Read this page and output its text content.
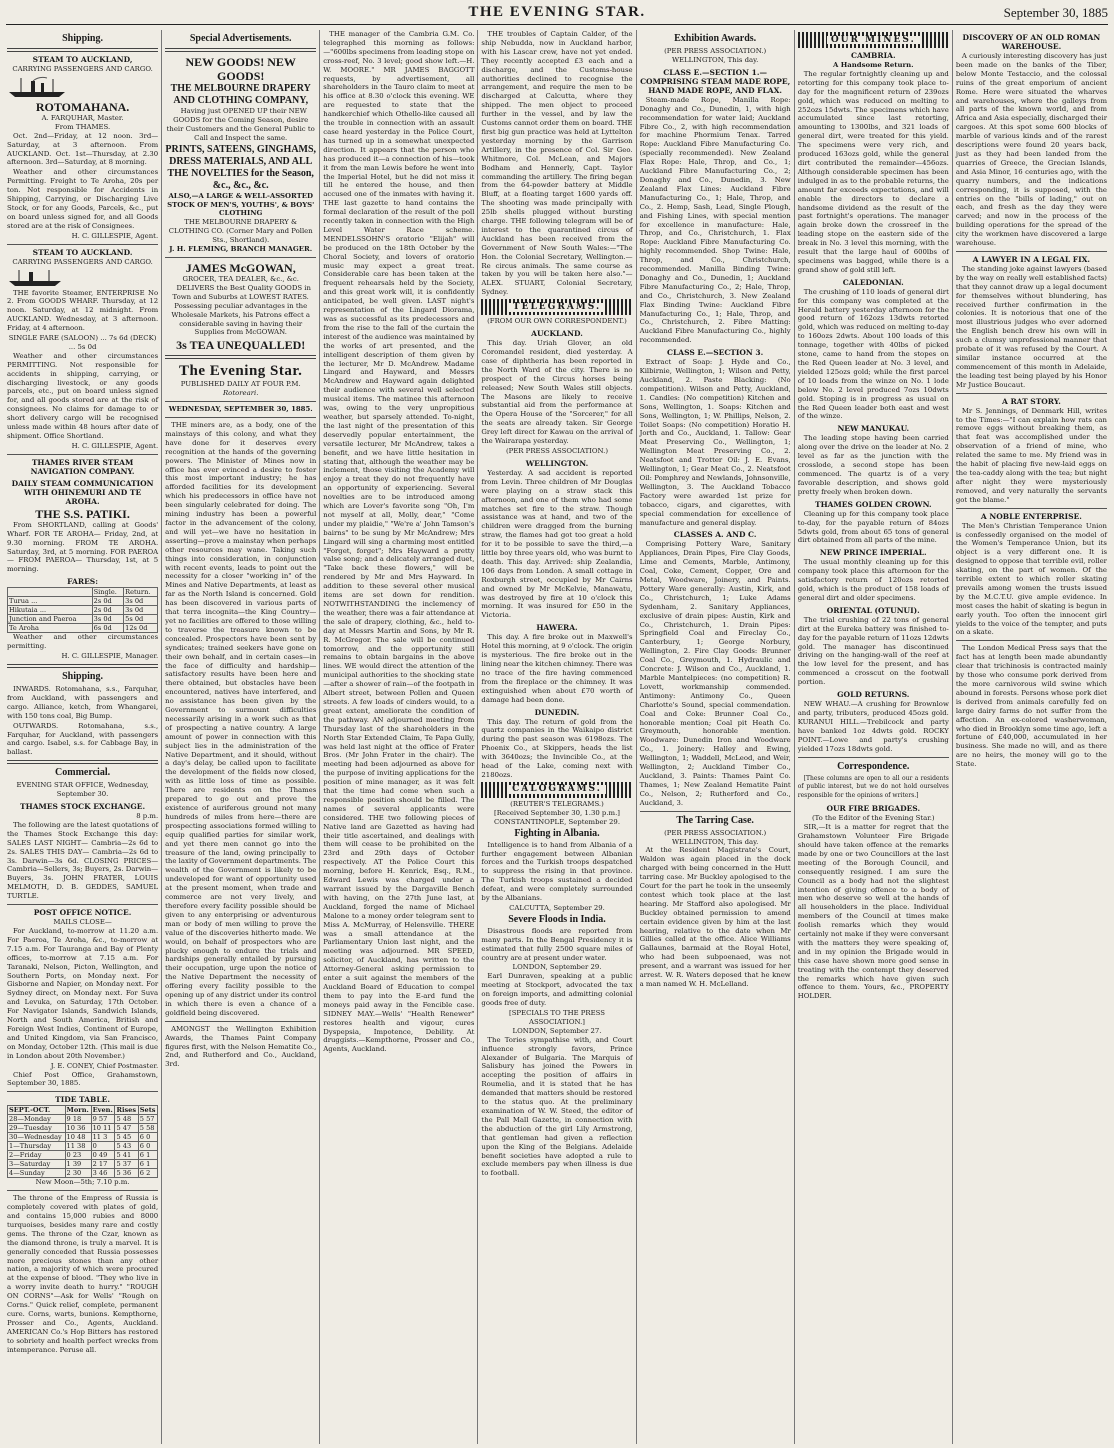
THE EVENING STAR.	September 30, 1885
Shipping.
STEAM TO AUCKLAND,
CARRYING PASSENGERS AND CARGO.
ROTOMAHANA.
A. FARQUHAR, Master.
From THAMES.

Oct. 2nd—Friday, at 12 noon. 3rd—Saturday, at 3 afternoon. From AUCKLAND. Oct. 1st—Thursday, at 2.30 afternoon. 3rd—Saturday, at 8 morning.

Weather and other circumstances Permitting. Freight to Te Aroha, 20s per ton. Not responsible for Accidents in Shipping, Carrying, or Discharging Live Stock, or for any Goods, Parcels, &c., put on board unless signed for, and all Goods stored are at the risk of Consignees.

H. C. GILLESPIE, Agent.
STEAM TO AUCKLAND.
CARRYING PASSENGERS AND CARGO.

THE favorite Steamer, ENTERPRISE No 2. From GOODS WHARF. Thursday, at 12 noon. Saturday, at 12 midnight. From AUCKLAND. Wednesday, at 3 afternoon. Friday, at 4 afternoon.

SINGLE FARE (SALOON) ... 7s 6d (DECK) ... 5s 0d

Weather and other circumstances PERMITTING. Not responsible for accidents in shipping, carrying, or discharging livestock, or any goods parcels, etc., put on board unless signed for, and all goods stored are at the risk of consignees. No claims for damage to or short delivery cargo will be recognised unless made within 48 hours after date of shipment. Office Shortland.

H. C. GILLESPIE, Agent.
THAMES RIVER STEAM NAVIGATION COMPANY.
DAILY STEAM COMMUNICATION WITH OHINEMURI AND TE AROHA.
THE S.S. PATIKI.

From SHORTLAND, calling at Goods' Wharf. FOR TE AROHA— Friday, 2nd, at 9.30 morning. FROM TE AROHA. Saturday, 3rd, at 5 morning. FOR PAEROA— FROM PAEROA— Thursday, 1st, at 5 morning.

FARES:
	Single.	Return.
Turua ...	2s 0d	3s 0d
Hikutaia ...	2s 0d	3s 0d
Junction and Paeroa	3s 0d	5s 0d
Te Aroha	6s 0d	12s 0d

Weather and other circumstances permitting.

H. C. GILLESPIE, Manager.
Shipping.

INWARDS. Rotomahana, s.s., Farquhar, from Auckland, with passengers and cargo. Alliance, ketch, from Whangarei, with 150 tons coal, Big Bump.

OUTWARDS. Rotomahana, s.s., Farquhar, for Auckland, with passengers and cargo. Isabel, s.s. for Cabbage Bay, in ballast.

Commercial.
EVENING STAR OFFICE, Wednesday, September 30.
THAMES STOCK EXCHANGE.
8 p.m.

The following are the latest quotations of the Thames Stock Exchange this day: SALES LAST NIGHT— Cambria—2s 6d to 2s. SALES THIS DAY— Cambria—2s 6d to 3s. Darwin—3s 6d. CLOSING PRICES— Cambria—Sellers, 3s; Buyers, 2s. Darwin—Buyers, 3s. JOHN FRATER, LOUIS MELMOTH, D. B. GEDDES, SAMUEL TURTLE.

POST OFFICE NOTICE.
MAILS CLOSE—

For Auckland, to-morrow at 11.20 a.m. For Paeroa, Te Aroha, &c., to-morrow at 7.15 a.m. For Tauranga and Bay of Plenty offices, to-morrow at 7.15 a.m. For Taranaki, Nelson, Picton, Wellington, and Southern Ports, on Monday next. For Gisborne and Napier, on Monday next. For Sydney direct, on Monday next. For Suva and Levuka, on Saturday, 17th October. For Navigator Islands, Sandwich Islands, North and South America, British and Foreign West Indies, Continent of Europe, and United Kingdom, via San Francisco, on Monday, October 12th. (This mail is due in London about 20th November.)

J. E. CONEY, Chief Postmaster.

Chief Post Office, Grahamstown, September 30, 1885.

TIDE TABLE.
SEPT.-OCT.	Morn.	Even.	Rises	Sets
28—Monday	9 18	9 57	5 48	5 57
29—Tuesday	10 36	10 11	5 47	5 58
30—Wednesday	10 48	11 3	5 45	6 0
1—Thursday	11 38	0	5 43	6 0
2—Friday	0 23	0 49	5 41	6 1
3—Saturday	1 39	2 17	5 37	6 1
4—Sunday	2 30	3 46	5 36	6 2
New Moon—5th; 7.10 p.m.

The throne of the Empress of Russia is completely covered with plates of gold, and contains 15,000 rubies and 8000 turquoises, besides many rare and costly gems. The throne of the Czar, known as the diamond throne, is truly a marvel. It is generally conceded that Russia possesses more precious stones than any other nation, a majority of which were procured at the expense of blood. "They who live in a worry invite death to hurry." "ROUGH ON CORNS"—Ask for Wells' "Rough on Corns." Quick relief, complete, permanent cure. Corns, warts, bunions. Kempthorne, Prosser and Co., Agents, Auckland. AMERICAN Co.'s Hop Bitters has restored to sobriety and health perfect wrecks from intemperance. Peruse all.

Special Advertisements.
NEW GOODS! NEW GOODS!
THE MELBOURNE DRAPERY AND CLOTHING COMPANY,

Having just OPENED UP their NEW GOODS for the Coming Season, desire their Customers and the General Public to Call and Inspect the same.

PRINTS, SATEENS, GINGHAMS, DRESS MATERIALS, AND ALL THE NOVELTIES for the Season, &c., &c., &c.
ALSO,—A LARGE & WELL-ASSORTED STOCK OF MEN'S, YOUTHS', & BOYS' CLOTHING
THE MELBOURNE DRAPERY & CLOTHING CO. (Corner Mary and Pollen Sts., Shortland).
J. H. FLEMING, BRANCH MANAGER.
JAMES McGOWAN,
GROCER, TEA DEALER, &c., &c.

DELIVERS the Best Quality GOODS in Town and Suburbs at LOWEST RATES. Possessing peculiar advantages in the Wholesale Markets, his Patrons effect a considerable saving in having their Supplies from McGOWAN.

3s TEA UNEQUALLED!
The Evening Star.
PUBLISHED DAILY AT FOUR P.M.
Rotoreari.
WEDNESDAY, SEPTEMBER 30, 1885.

THE miners are, as a body, one of the mainstays of this colony, and what they have done for it deserves every recognition at the hands of the governing powers. The Minister of Mines now in office has ever evinced a desire to foster this most important industry; he has afforded facilities for its development which his predecessors in office have not been singularly celebrated for doing. The mining industry has been a powerful factor in the advancement of the colony, and will yet—we have no hesitation in asserting—prove a mainstay when perhaps other resources may wane. Taking such things into consideration, in conjunction with recent events, leads to point out the necessity for a closer "working in" of the Mines and Native Departments, at least as far as the North Island is concerned. Gold has been discovered in various parts of that terra incognita—the King Country—yet no facilities are offered to those willing to traverse the treasure known to be concealed. Prospectors have been sent by syndicates; trained seekers have gone on their own behalf, and in certain cases—in the face of difficulty and hardship—satisfactory results have been here and there obtained, but obstacles have been encountered, natives have interfered, and no assistance has been given by the Government to surmount difficulties necessarily arising in a work such as that of prospecting a native country. A large amount of power in connection with this subject lies in the administration of the Native Department, and it should, without a day's delay, be called upon to facilitate the development of the fields now closed, with as little loss of time as possible. There are residents on the Thames prepared to go out and prove the existence of auriferous ground not many hundreds of miles from here—there are prospecting associations formed willing to equip qualified parties for similar work, and yet there men cannot go into the treasure of the land, owing principally to the laxity of Government departments. The wealth of the Government is likely to be undeveloped for want of opportunity used at the present moment, when trade and commerce are not very lively, and therefore every facility possible should be given to any enterprising or adventurous man or body of men willing to prove the value of the discoveries hitherto made. We would, on behalf of prospectors who are plucky enough to endure the trials and hardships generally entailed by pursuing their occupation, urge upon the notice of the Native Department the necessity of offering every facility possible to the opening up of any district under its control in which there is even a chance of a goldfield being discovered.

AMONGST the Wellington Exhibition Awards, the Thames Paint Company figures first, with the Nelson Hematite Co., 2nd, and Rutherford and Co., Auckland, 3rd.

THE manager of the Cambria G.M. Co. telegraphed this morning as follows:—"600lbs specimens from leading stope on cross-reef, No. 3 level; good show left.—H. W. MOORE." MR JAMES BAGGOTT requests, by advertisement, all shareholders in the Tauro claim to meet at his office at 8.30 o'clock this evening. WE are requested to state that the handkerchief which Othello-like caused all the trouble in connection with an assault case heard yesterday in the Police Court, has turned up in a somewhat unexpected direction. It appears that the person who has produced it—a connection of his—took it from the man Lewis before he went into the Imperial Hotel, but he did not miss it till he entered the house, and then accused one of the inmates with having it. THE last gazette to hand contains the formal declaration of the result of the poll recently taken in connection with the High Level Water Race scheme. MENDELSSOHN'S oratorio "Elijah" will be produced on the 18th October by the Choral Society, and lovers of oratorio music may expect a great treat. Considerable care has been taken at the frequent rehearsals held by the Society, and this great work will, it is confidently anticipated, be well given. LAST night's representation of the Lingard Diorama, was as successful as its predecessors and from the rise to the fall of the curtain the interest of the audience was maintained by the works of art presented, and the intelligent description of them given by the lecturer, Mr D. McAndrew. Madame Lingard and Hayward, and Messrs McAndrew and Hayward again delighted their audience with several well selected musical items. The matinee this afternoon was, owing to the very unpropitious weather, but sparsely attended. To-night, the last night of the presentation of this deservedly popular entertainment, the versatile lecturer, Mr McAndrew, takes a benefit, and we have little hesitation in stating that, although the weather may be inclement, those visiting the Academy will enjoy a treat they do not frequently have an opportunity of experiencing. Several novelties are to be introduced among which are Lover's favorite song "Oh, I'm not myself at all, Molly, dear," "Come under my plaidie," "We're a' John Tamson's bairns" to be sung by Mr McAndrew; Mrs Lingard will sing a charming most entitled "Forget, forget"; Mrs Hayward a pretty valse song; and a delicately arranged duet, "Take back these flowers," will be rendered by Mr and Mrs Hayward. In addition to these several other musical items are set down for rendition. NOTWITHSTANDING the inclemency of the weather, there was a fair attendance at the sale of drapery, clothing, &c., held to-day at Messrs Martin and Sons, by Mr R. R. McGregor. The sale will be continued tomorrow, and the opportunity still remains to obtain bargains in the above lines. WE would direct the attention of the municipal authorities to the shocking state—after a shower of rain—of the footpath in Albert street, between Pollen and Queen streets. A few loads of cinders would, to a great extent, ameliorate the condition of the pathway. AN adjourned meeting from Thursday last of the shareholders in the North Star Extended Claim, Te Papa Gully, was held last night at the office of Frater Bros. (Mr John Frater in the chair). The meeting had been adjourned as above for the purpose of inviting applications for the position of mine manager, as it was felt that the time had come when such a responsible position should be filled. The names of several applicants were considered. THE two following pieces of Native land are Gazetted as having had their title ascertained, and dealings with them will cease to be prohibited on the 23rd and 29th days of October respectively. AT the Police Court this morning, before H. Kenrick, Esq., R.M., Edward Lewis was charged under a warrant issued by the Dargaville Bench with having, on the 27th June last, at Auckland, forged the name of Michael Malone to a money order telegram sent to Miss A. McMurray, of Helensville. THERE was a small attendance at the Parliamentary Union last night, and the meeting was adjourned. MR SPEED, solicitor, of Auckland, has written to the Attorney-General asking permission to enter a suit against the members of the Auckland Board of Education to compel them to pay into the E-ard fund the moneys paid away in the Fencible case. SIDNEY MAY.—Wells' "Health Renewer" restores health and vigour, cures Dyspepsia, Impotence, Debility. At druggists.—Kempthorne, Prosser and Co., Agents, Auckland.

THE troubles of Captain Calder, of the ship Nebudda, now in Auckland harbor, with his Lascar crew, have not yet ended. They recently accepted £3 each and a discharge, and the Customs-house authorities declined to recognise the arrangement, and require the men to be discharged at Calcutta, where they shipped. The men object to proceed further in the vessel, and by law the Customs cannot order them on board. THE first big gun practice was held at Lyttelton yesterday morning by the Garrison Artillery, in the presence of Col. Sir Geo. Whitmore, Col. McLean, and Majors Bodham and Hennerly, Capt. Taylor commanding the artillery. The firing began from the 64-powder battery at Middle Bluff, at a floating target 1600 yards off. The shooting was made principally with 25lb shells plugged without bursting charge. THE following telegram will be of interest to the quarantined circus of Auckland has been received from the Government of New South Wales:—"The Hon. the Colonial Secretary, Wellington.—Re circus animals. The same course as taken by you will be taken here also."—ALEX. STUART, Colonial Secretary, Sydney.

TELEGRAMS.
(FROM OUR OWN CORRESPONDENT.)
AUCKLAND.

This day. Uriah Glover, an old Coromandel resident, died yesterday. A case of diphtheria has been reported in the North Ward of the city. There is no prospect of the Circus horses being released; New South Wales still objects. The Masons are likely to receive substantial aid from the performance at the Opera House of the "Sorcerer," for all the seats are already taken. Sir George Grey left direct for Kawau on the arrival of the Wairarapa yesterday.

(PER PRESS ASSOCIATION.)
WELLINGTON.

Yesterday. A sad accident is reported from Levin. Three children of Mr Douglas were playing on a straw stack this afternoon, and one of them who had some matches set fire to the straw. Though assistance was at hand, and two of the children were dragged from the burning straw, the flames had got too great a hold for it to be possible to save the third,—a little boy three years old, who was burnt to death. This day. Arrived: ship Zealandia, 106 days from London. A small cottage in Roxburgh street, occupied by Mr Cairns and owned by Mr McKelvie, Manawatu, was destroyed by fire at 10 o'clock this morning. It was insured for £50 in the Victoria.

HAWERA.

This day. A fire broke out in Maxwell's Hotel this morning, at 9 o'clock. The origin is mysterious. The fire broke out in the lining near the kitchen chimney. There was no trace of the fire having commenced from the fireplace or the chimney. It was extinguished when about £70 worth of damage had been done.

DUNEDIN.

This day. The return of gold from the quartz companies in the Waikaipo district during the past season was 6198ozs. The Phoenix Co., at Skippers, heads the list with 3640ozs; the Invincible Co., at the head of the Lake, coming next with 2180ozs.

CALOGRAMS.
(REUTER'S TELEGRAMS.)
[Received September 30, 1.30 p.m.] CONSTANTINOPLE, September 29.
Fighting in Albania.

Intelligence is to hand from Albania of a further engagement between Albanian forces and the Turkish troops despatched to suppress the rising in that province. The Turkish troops sustained a decided defeat, and were completely surrounded by the Albanians.

CALCUTTA, September 29.
Severe Floods in India.

Disastrous floods are reported from many parts. In the Bengal Presidency it is estimated that fully 2500 square miles of country are at present under water.

LONDON, September 29.

Earl Dunraven, speaking at a public meeting at Stockport, advocated the tax on foreign imports, and admitting colonial goods free of duty.

[SPECIALS TO THE PRESS ASSOCIATION.]
LONDON, September 27.

The Tories sympathise with, and Court influence strongly favors, Prince Alexander of Bulgaria. The Marquis of Salisbury has joined the Powers in accepting the position of affairs in Roumelia, and it is stated that he has demanded that matters should be restored to the status quo. At the preliminary examination of W. W. Steed, the editor of the Pall Mall Gazette, in connection with the abduction of the girl Lily Armstrong, that gentleman had given a reflection upon the King of the Belgians. Adelaide benefit societies have adopted a rule to exclude members pay when illness is due to football.

Exhibition Awards.
(PER PRESS ASSOCIATION.)
WELLINGTON, This day.
CLASS E.—SECTION 1.—COMPRISING STEAM MADE ROPE, HAND MADE ROPE, AND FLAX.

Steam-made Rope, Manilla Rope: Donaghy and Co., Dunedin, 1, with high recommendation for water laid; Auckland Fibre Co., 2, with high recommendation for machine Phormium Tenax. Tarred Rope: Auckland Fibre Manufacturing Co. (specially recommended). New Zealand Flax Rope: Hale, Throp, and Co., 1; Auckland Fibre Manufacturing Co., 2; Donaghy and Co., Dunedin, 3. New Zealand Flax Lines: Auckland Fibre Manufacturing Co., 1; Hale, Throp, and Co., 2. Hemp, Sash, Lead, Single Plough, and Fishing Lines, with special mention for excellence in manufacture: Hale, Throp, and Co., Christchurch, 1. Flax Rope: Auckland Fibre Manufacturing Co. highly recommended. Shop Twine: Hale, Throp, and Co., Christchurch, recommended. Manilla Binding Twine: Donaghy and Co., Dunedin, 1; Auckland Fibre Manufacturing Co., 2; Hale, Throp, and Co., Christchurch, 3. New Zealand Flax Binding Twine: Auckland Fibre Manufacturing Co., 1; Hale, Throp, and Co., Christchurch, 2. Fibre Matting: Auckland Fibre Manufacturing Co., highly recommended.

CLASS E.—SECTION 3.

Extract of Soap: J. Hyde and Co., Kilbirnie, Wellington, 1; Wilson and Petty, Auckland, 2. Paste Blacking: (No competition). Wilson and Petty, Auckland, 1. Candles: (No competition) Kitchen and Sons, Wellington, 1. Soaps: Kitchen and Sons, Wellington, 1; W. Phillips, Nelson, 2. Toilet Soaps: (No competition) Horatio H. Jorth and Co., Auckland, 1. Tallow: Gear Meat Preserving Co., Wellington, 1; Wellington Meat Preserving Co., 2. Neatsfoot and Trotter Oil: J. E. Evans, Wellington, 1; Gear Meat Co., 2. Neatsfoot Oil: Pomphrey and Newlands, Johnsonville, Wellington, 3. The Auckland Tobacco Factory were awarded 1st prize for tobacco, cigars, and cigarettes, with special commendation for excellence of manufacture and general display.

CLASSES A. AND C.

Comprising Pottery Ware, Sanitary Appliances, Drain Pipes, Fire Clay Goods, Lime and Cements, Marble, Antimony, Coal, Coke, Cement, Copper, Ore and Metal, Woodware, Joinery, and Paints. Pottery Ware generally: Austin, Kirk, and Co., Christchurch, 1; Luke Adams Sydenham, 2. Sanitary Appliances, exclusive of drain pipes: Austin, Kirk and Co., Christchurch, 1. Drain Pipes: Springfield Coal and Fireclay Co., Canterbury, 1; George Norbury, Wellington, 2. Fire Clay Goods: Brunner Coal Co., Greymouth, 1. Hydraulic and Concrete: J. Wilson and Co., Auckland, 1. Marble Mantelpieces: (no competition) R. Lovett, workmanship commended. Antimony: Antimony Co., Queen Charlotte's Sound, special commendation. Coal and Coke: Brunner Coal Co., honorable mention; Coal pit Heath Co. Greymouth, honorable mention. Woodware: Dunedin Iron and Woodware Co., 1. Joinery: Halley and Ewing, Wellington, 1; Waddell, McLeod, and Weir, Wellington, 2; Auckland Timber Co., Auckland, 3. Paints: Thames Paint Co. Thames, 1; New Zealand Hematite Paint Co., Nelson, 2; Rutherford and Co., Auckland, 3.

The Tarring Case.
(PER PRESS ASSOCIATION.) WELLINGTON, This day.

At the Resident Magistrate's Court, Waldon was again placed in the dock charged with being concerned in the Hutt tarring case. Mr Buckley apologised to the Court for the part he took in the unseemly contest which took place at the last hearing. Mr Stafford also apologised. Mr Buckley obtained permission to amend certain evidence given by him at the last hearing, relative to the date when Mr Gillies called at the office. Alice Williams Gallaunes, barmaid at the Royal Hotel, who had been subpoenaed, was not present, and a warrant was issued for her arrest. W. R. Waters deposed that he knew a man named W. H. McLelland.

OUR MINES.
CAMBRIA.
A Handsome Return.

The regular fortnightly cleaning up and retorting for this company took place to-day for the magnificent return of 239ozs gold, which was reduced on melting to 252ozs 15dwts. The specimens which have accumulated since last retorting, amounting to 1300lbs, and 321 loads of general dirt, were treated for this yield. The specimens were very rich, and produced 163ozs gold, while the general dirt contributed the remainder—456ozs. Although considerable specimen has been indulged in as to the probable returns, the amount far exceeds expectations, and will enable the directors to declare a handsome dividend as the result of the past fortnight's operations. The manager again broke down the crossreef in the leading stope on the eastern side of the break in No. 3 level this morning, with the result that the large haul of 600lbs of specimens was bagged, while there is a grand show of gold still left.

CALEDONIAN.

The crushing of 110 loads of general dirt for this company was completed at the Herald battery yesterday afternoon for the good return of 162ozs 13dwts retorted gold, which was reduced on melting to-day to 160ozs 2dwts. About 100 loads of this tonnage, together with 40lbs of picked stone, came to hand from the stopes on the Red Queen leader at No. 3 level, and yielded 125ozs gold; while the first parcel of 10 loads from the winze on No. 1 lode below No. 2 level produced 7ozs 10dwts gold. Stoping is in progress as usual on the Red Queen leader both east and west of the winze.

NEW MANUKAU.

The leading stope having been carried along over the drive on the leader at No. 2 level as far as the junction with the crosslode, a second stope has been commenced. The quartz is of a very favorable description, and shows gold pretty freely when broken down.

THAMES GOLDEN CROWN.

Cleaning up for this company took place to-day, for the payable return of 84ozs 5dwts gold, from about 65 tons of general dirt obtained from all parts of the mine.

NEW PRINCE IMPERIAL.

The usual monthly cleaning up for this company took place this afternoon for the satisfactory return of 120ozs retorted gold, which is the product of 158 loads of general dirt and older specimens.

ORIENTAL (OTUNUI).

The trial crushing of 22 tons of general dirt at the Eureka battery was finished to-day for the payable return of 11ozs 12dwts gold. The manager has discontinued driving on the hanging-wall of the reef at the low level for the present, and has commenced a crosscut on the footwall portion.

GOLD RETURNS.

NEW WHAU.—A crushing for Brownlow and party, tributers, produced 45ozs gold. KURANUI HILL.—Trebilcock and party have banked 1oz 4dwts gold. ROCKY POINT.—Lowe and party's crushing yielded 17ozs 18dwts gold.

Correspondence.

[These columns are open to all our a residents of public interest, but we do not hold ourselves responsible for the opinions of writers.]

OUR FIRE BRIGADES.
(To the Editor of the Evening Star.)

SIR,—It is a matter for regret that the Grahamstown Volunteer Fire Brigade should have taken offence at the remarks made by one or two Councillors at the last meeting of the Borough Council, and consequently resigned. I am sure the Council as a body had not the slightest intention of giving offence to a body of men who deserve so well at the hands of all householders in the place. Individual members of the Council at times make foolish remarks which they would certainly not make if they were conversant with the matters they were speaking of, and in my opinion the Brigade would in this case have shown more good sense in treating with the contempt they deserved the remarks which have given such offence to them. Yours, &c., PROPERTY HOLDER.

DISCOVERY OF AN OLD ROMAN WAREHOUSE.

A curiously interesting discovery has just been made on the banks of the Tiber, below Monte Testaccio, and the colossal ruins of the great emporium of ancient Rome. Here were situated the wharves and warehouses, where the galleys from all parts of the known world, and from Africa and Asia especially, discharged their cargoes. At this spot some 600 blocks of marble of various kinds and of the rarest descriptions were found 20 years back, just as they had been landed from the quarries of Greece, the Grecian Islands, and Asia Minor, 16 centuries ago, with the quarry numbers, and the indications corresponding, it is supposed, with the entries on the "bills of lading," out on each, and fresh as the day they were carved; and now in the process of the building operations for the spread of the city the workmen have discovered a large warehouse.

A LAWYER IN A LEGAL FIX.

The standing joke against lawyers (based by the way on really well established facts) that they cannot draw up a legal document for themselves without blundering, has received further confirmation in the colonies. It is notorious that one of the most illustrious judges who ever adorned the English bench drew his own will in such a clumsy unprofessional manner that probate of it was refused by the Court. A similar instance occurred at the commencement of this month in Adelaide, the leading test being played by his Honor Mr Justice Boucaut.

A RAT STORY.

Mr S. Jennings, of Denmark Hill, writes to the Times:—"I can explain how rats can remove eggs without breaking them, as that feat was accomplished under the observation of a friend of mine, who related the same to me. My friend was in the habit of placing five new-laid eggs on the tea-caddy along with the tea; but night after night they were mysteriously removed, and very naturally the servants got the blame."

A NOBLE ENTERPRISE.

The Men's Christian Temperance Union is confessedly organised on the model of the Women's Temperance Union, but its object is a very different one. It is designed to oppose that terrible evil, roller skating, on the part of women. Of the terrible extent to which roller skating prevails among women the trusts issued by the M.C.T.U. give ample evidence. In most cases the habit of skating is begun in early youth. Too often the innocent girl yields to the voice of the tempter, and puts on a skate.

The London Medical Press says that the fact has at length been made abundantly clear that trichinosis is contracted mainly by those who consume pork derived from the more carnivorous wild swine which abound in forests. Persons whose pork diet is derived from animals carefully fed on large dairy farms do not suffer from the affection. An ex-colored washerwoman, who died in Brooklyn some time ago, left a fortune of £40,000, accumulated in her business. She made no will, and as there are no heirs, the money will go to the State.
